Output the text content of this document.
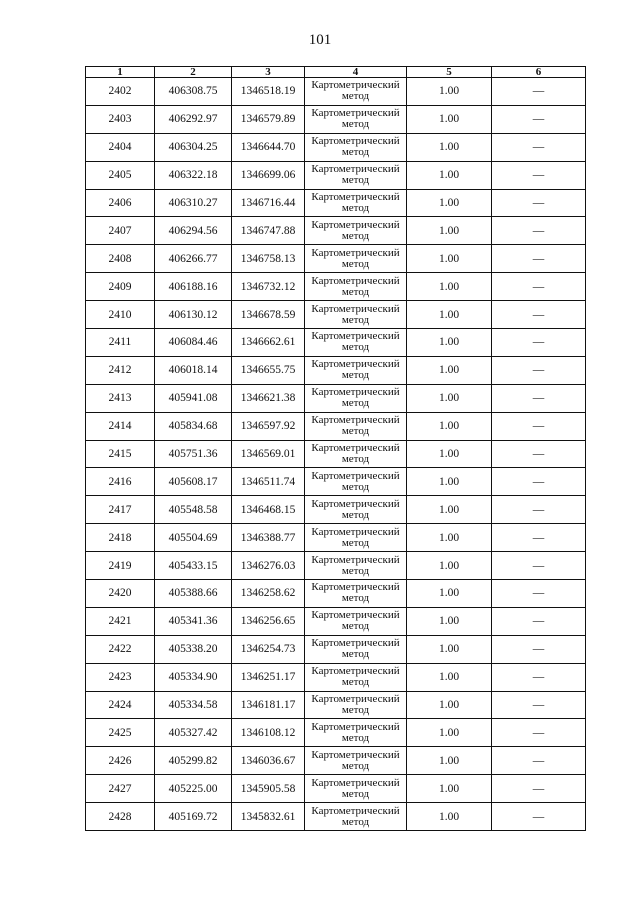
101
1	2	3	4	5	6
2402	406308.75	1346518.19	Картометрический метод	1.00	—
2403	406292.97	1346579.89	Картометрический метод	1.00	—
2404	406304.25	1346644.70	Картометрический метод	1.00	—
2405	406322.18	1346699.06	Картометрический метод	1.00	—
2406	406310.27	1346716.44	Картометрический метод	1.00	—
2407	406294.56	1346747.88	Картометрический метод	1.00	—
2408	406266.77	1346758.13	Картометрический метод	1.00	—
2409	406188.16	1346732.12	Картометрический метод	1.00	—
2410	406130.12	1346678.59	Картометрический метод	1.00	—
2411	406084.46	1346662.61	Картометрический метод	1.00	—
2412	406018.14	1346655.75	Картометрический метод	1.00	—
2413	405941.08	1346621.38	Картометрический метод	1.00	—
2414	405834.68	1346597.92	Картометрический метод	1.00	—
2415	405751.36	1346569.01	Картометрический метод	1.00	—
2416	405608.17	1346511.74	Картометрический метод	1.00	—
2417	405548.58	1346468.15	Картометрический метод	1.00	—
2418	405504.69	1346388.77	Картометрический метод	1.00	—
2419	405433.15	1346276.03	Картометрический метод	1.00	—
2420	405388.66	1346258.62	Картометрический метод	1.00	—
2421	405341.36	1346256.65	Картометрический метод	1.00	—
2422	405338.20	1346254.73	Картометрический метод	1.00	—
2423	405334.90	1346251.17	Картометрический метод	1.00	—
2424	405334.58	1346181.17	Картометрический метод	1.00	—
2425	405327.42	1346108.12	Картометрический метод	1.00	—
2426	405299.82	1346036.67	Картометрический метод	1.00	—
2427	405225.00	1345905.58	Картометрический метод	1.00	—
2428	405169.72	1345832.61	Картометрический метод	1.00	—
